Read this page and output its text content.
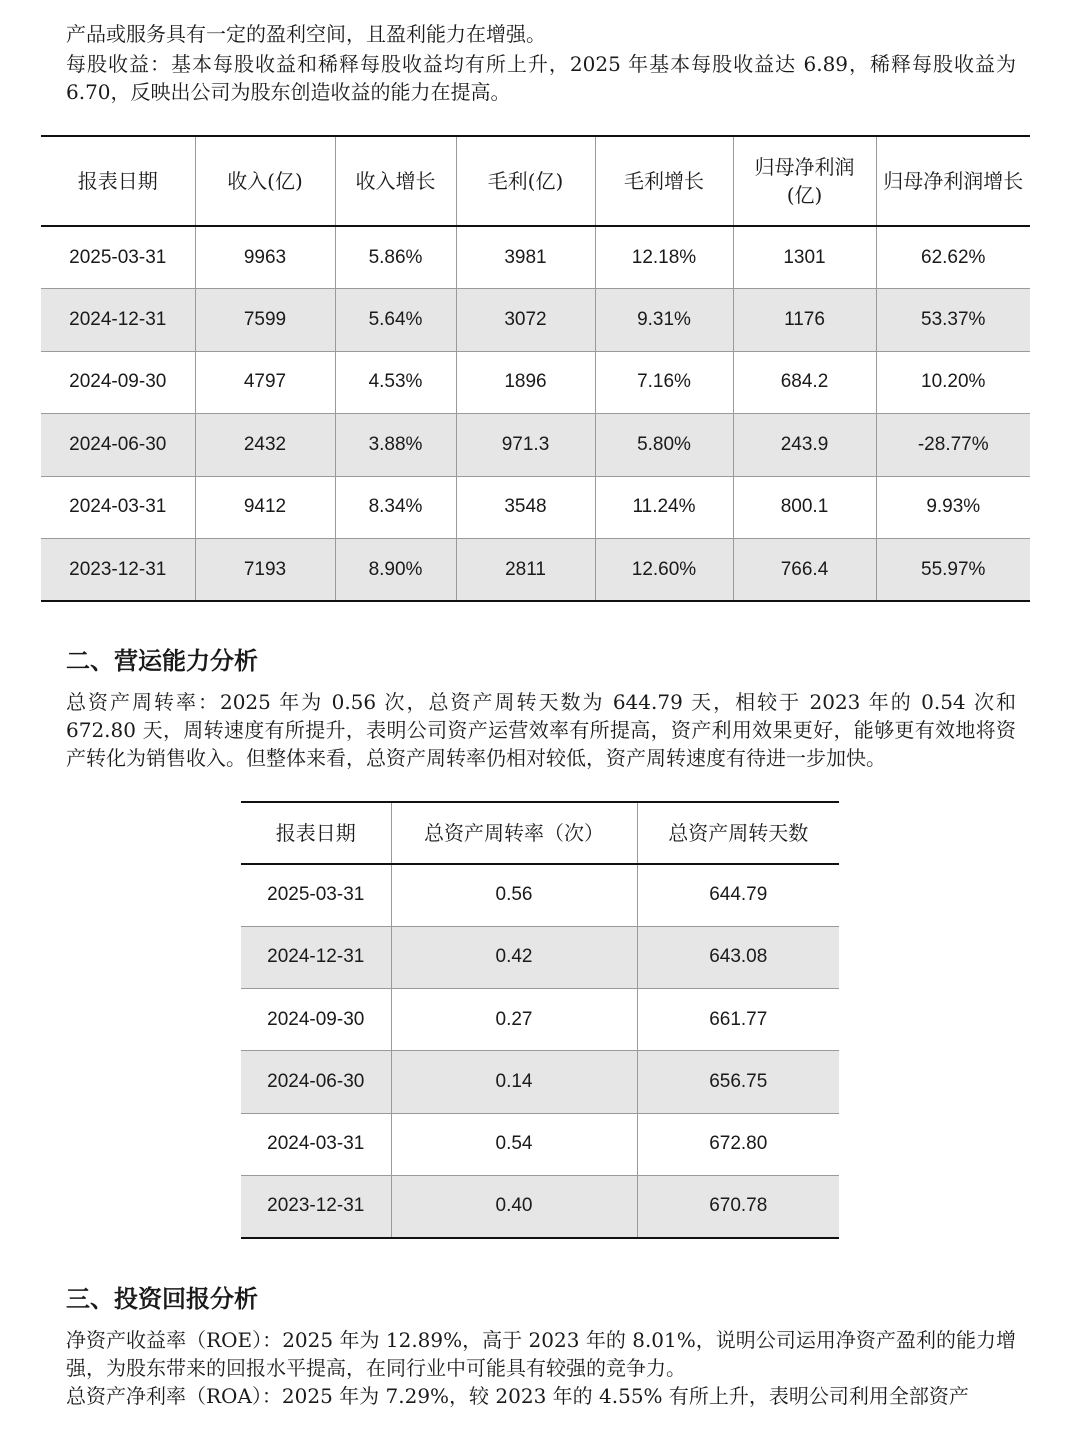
产品或服务具有一定的盈利空间，且盈利能力在增强。

每股收益：基本每股收益和稀释每股收益均有所上升，2025 年基本每股收益达 6.89，稀释每股收益为 6.70，反映出公司为股东创造收益的能力在提高。

报表日期	收入(亿)	收入增长	毛利(亿)	毛利增长	归母净利润(亿)	归母净利润增长
2025-03-31	9963	5.86%	3981	12.18%	1301	62.62%
2024-12-31	7599	5.64%	3072	9.31%	1176	53.37%
2024-09-30	4797	4.53%	1896	7.16%	684.2	10.20%
2024-06-30	2432	3.88%	971.3	5.80%	243.9	-28.77%
2024-03-31	9412	8.34%	3548	11.24%	800.1	9.93%
2023-12-31	7193	8.90%	2811	12.60%	766.4	55.97%
二、营运能力分析

总资产周转率：2025 年为 0.56 次，总资产周转天数为 644.79 天，相较于 2023 年的 0.54 次和 672.80 天，周转速度有所提升，表明公司资产运营效率有所提高，资产利用效果更好，能够更有效地将资产转化为销售收入。但整体来看，总资产周转率仍相对较低，资产周转速度有待进一步加快。

报表日期	总资产周转率（次）	总资产周转天数
2025-03-31	0.56	644.79
2024-12-31	0.42	643.08
2024-09-30	0.27	661.77
2024-06-30	0.14	656.75
2024-03-31	0.54	672.80
2023-12-31	0.40	670.78
三、投资回报分析

净资产收益率（ROE）：2025 年为 12.89%，高于 2023 年的 8.01%，说明公司运用净资产盈利的能力增强，为股东带来的回报水平提高，在同行业中可能具有较强的竞争力。

总资产净利率（ROA）：2025 年为 7.29%，较 2023 年的 4.55% 有所上升，表明公司利用全部资产
